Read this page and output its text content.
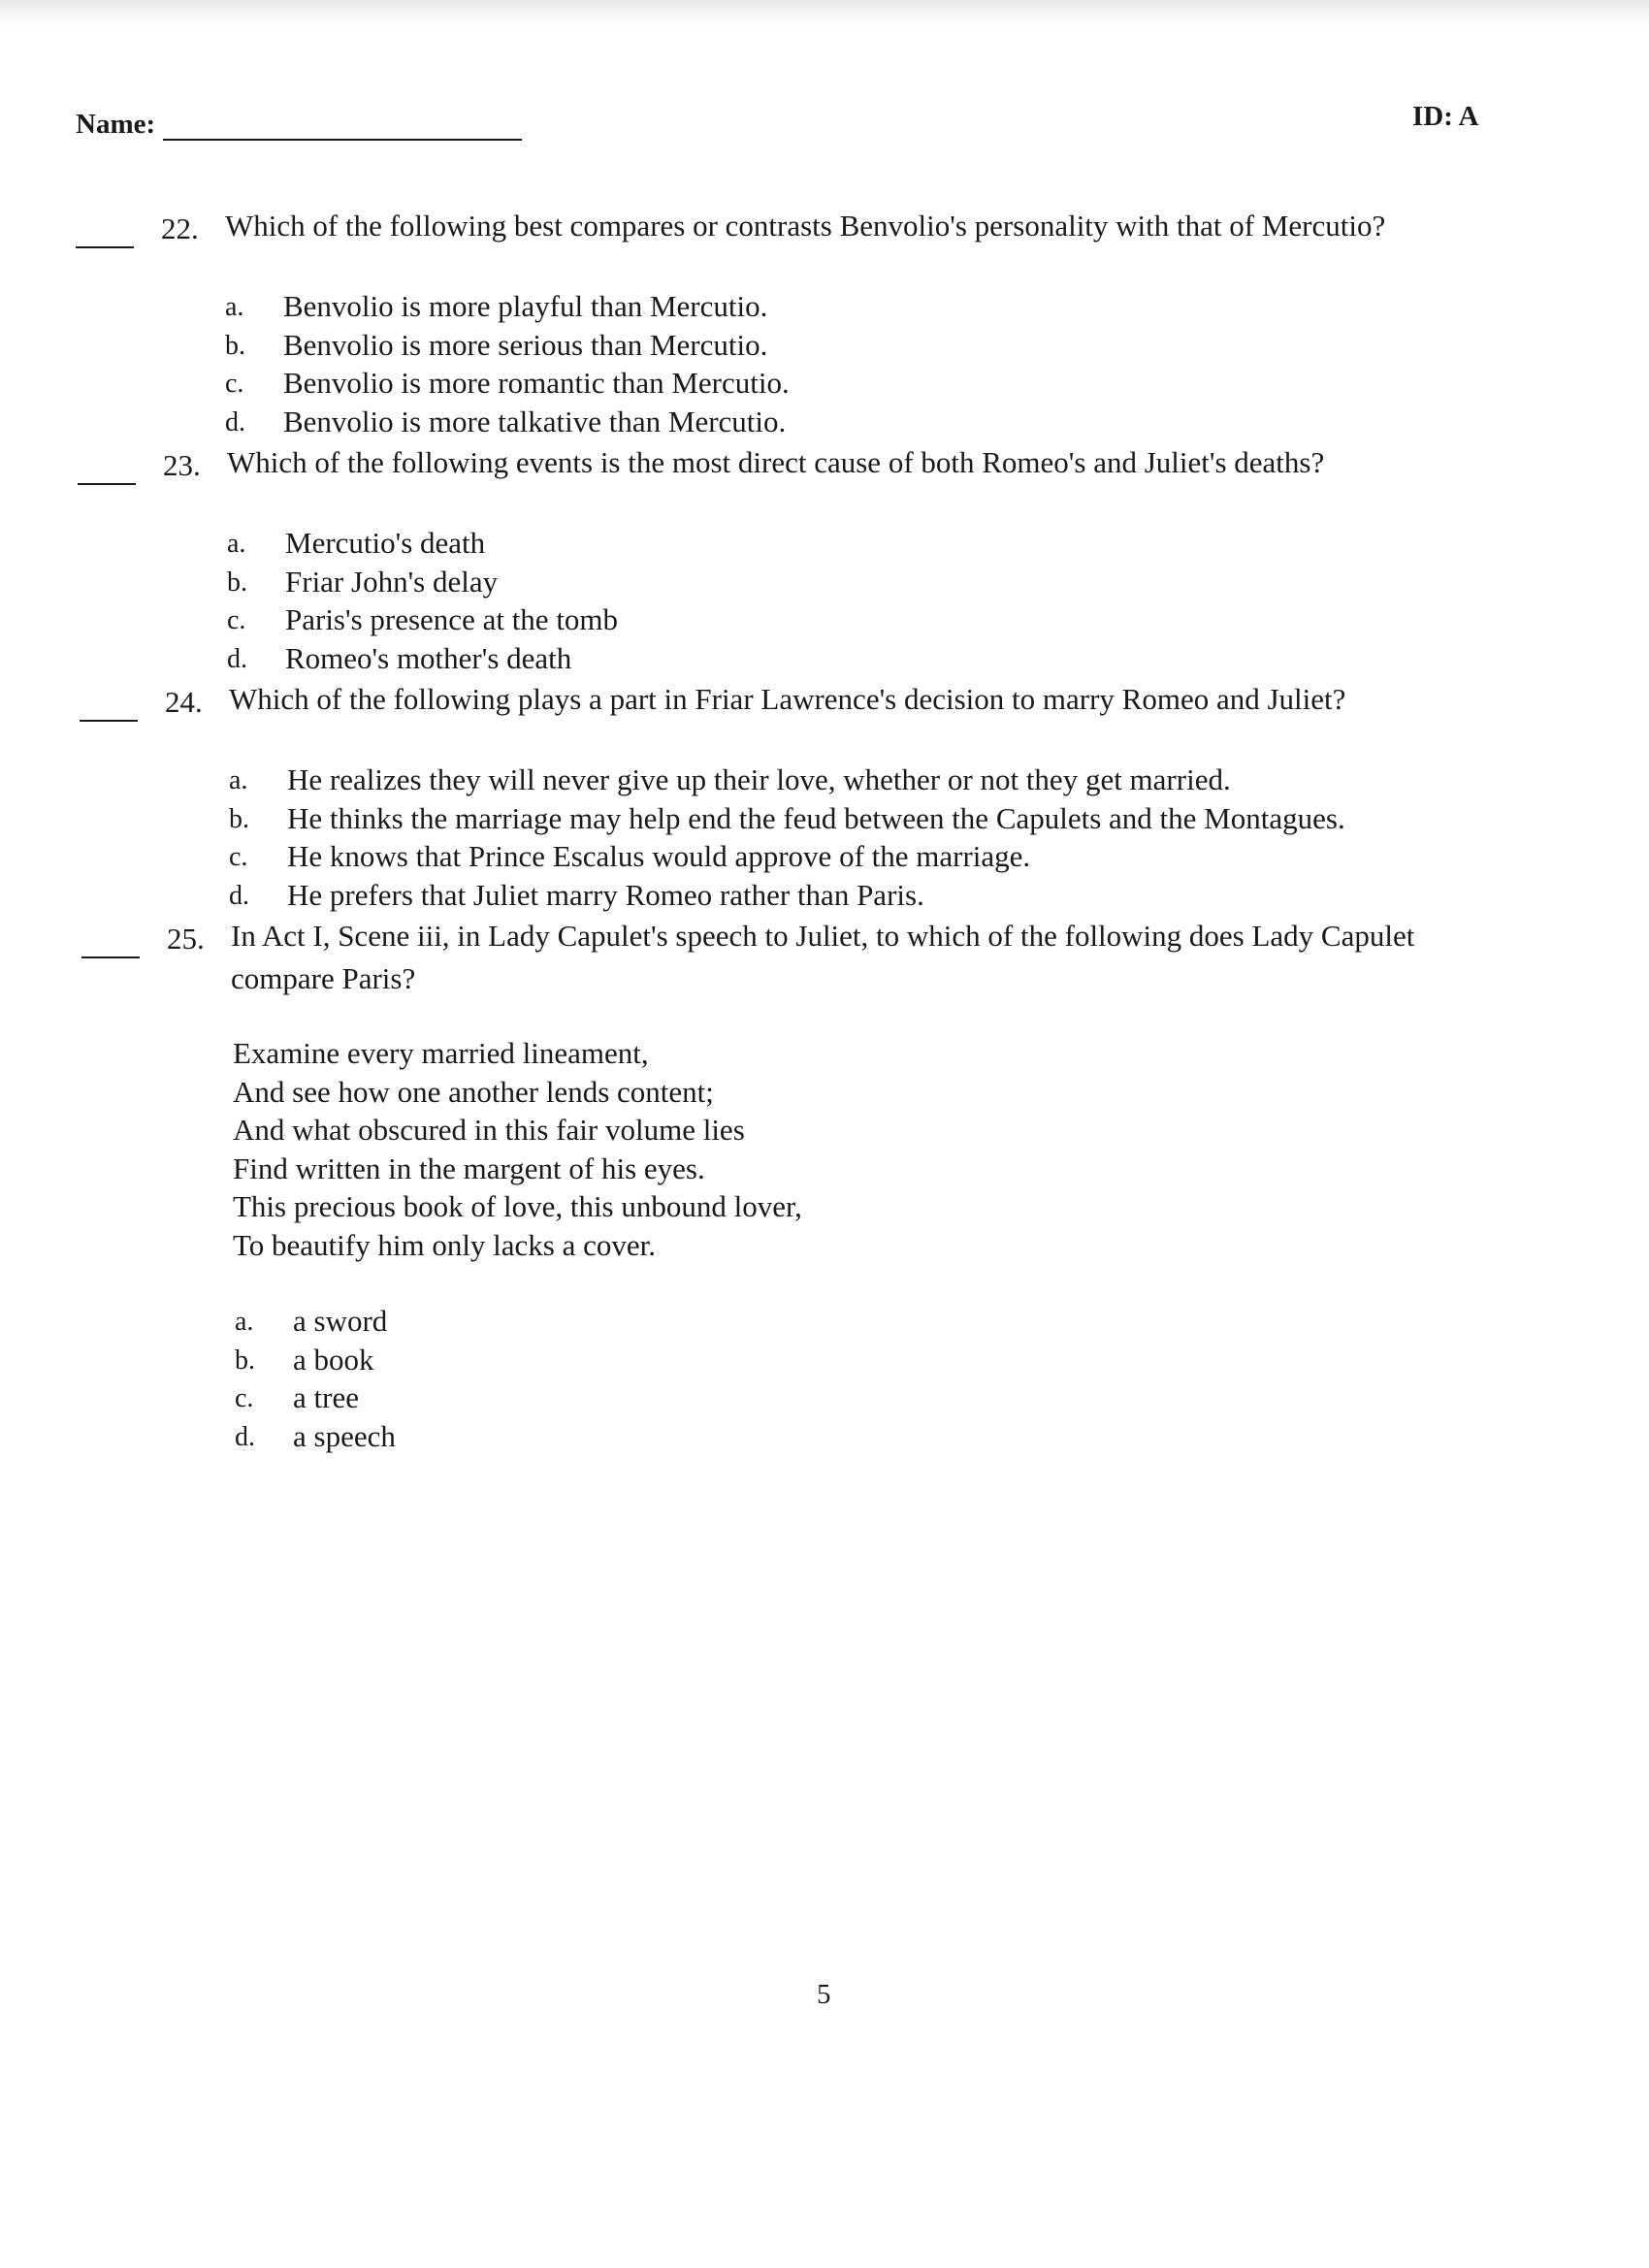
Name:	ID: A
22. Which of the following best compares or contrasts Benvolio's personality with that of Mercutio?
a.	Benvolio is more playful than Mercutio.
b. Benvolio is more serious than Mercutio.
c.	Benvolio is more romantic than Mercutio.
d. Benvolio is more talkative than Mercutio.
23. Which of the following events is the most direct cause of both Romeo's and Juliet's deaths?
a.	Mercutio's death
b. Friar John's delay
c.	Paris's presence at the tomb
d. Romeo's mother's death
24. Which of the following plays a part in Friar Lawrence's decision to marry Romeo and Juliet?
a.	He realizes they will never give up their love, whether or not they get married.
b. He thinks the marriage may help end the feud between the Capulets and the Montagues.
c.	He knows that Prince Escalus would approve of the marriage.
d. He prefers that Juliet marry Romeo rather than Paris.
25. In Act I, Scene iii, in Lady Capulet's speech to Juliet, to which of the following does Lady Capulet
compare Paris?
Examine every married lineament,
And see how one another lends content;
And what obscured in this fair volume lies
Find written in the margent of his eyes.
This precious book of love, this unbound lover,
To beautify him only lacks a cover.
a.	a sword
b. a book
c.	a tree
d. a speech
5
